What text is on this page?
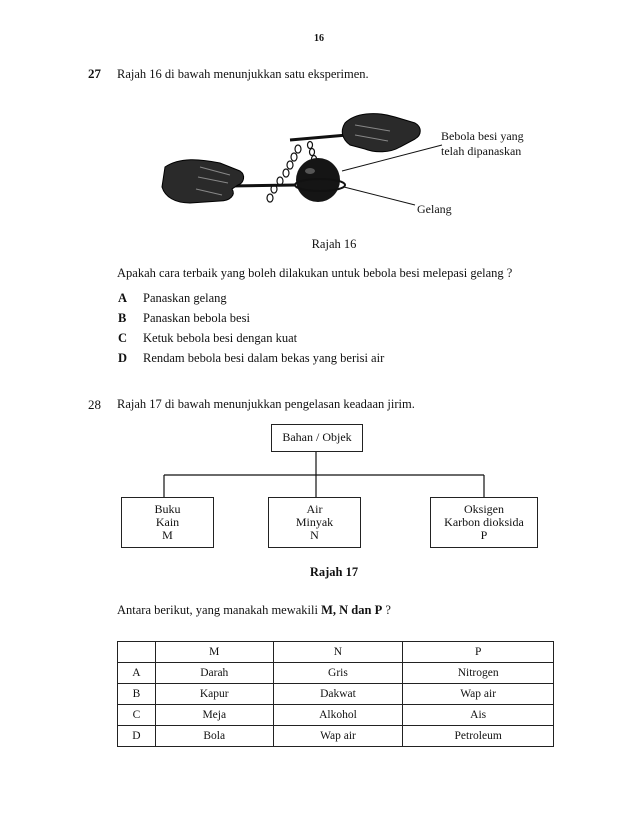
16
27 Rajah 16 di bawah menunjukkan satu eksperimen.
Bebola besi yang
telah dipanaskan
Gelang
Rajah 16
Apakah cara terbaik yang boleh dilakukan untuk bebola besi melepasi gelang ?
A Panaskan gelang
B Panaskan bebola besi
C Ketuk bebola besi dengan kuat
D Rendam bebola besi dalam bekas yang berisi air
28 Rajah 17 di bawah menunjukkan pengelasan keadaan jirim.
Bahan / Objek
Buku
Kain
M
Air
Minyak
N
Oksigen
Karbon dioksida
P
Rajah 17
Antara berikut, yang manakah mewakili M, N dan P ?
	M	N	P
A	Darah	Gris	Nitrogen
B	Kapur	Dakwat	Wap air
C	Meja	Alkohol	Ais
D	Bola	Wap air	Petroleum
